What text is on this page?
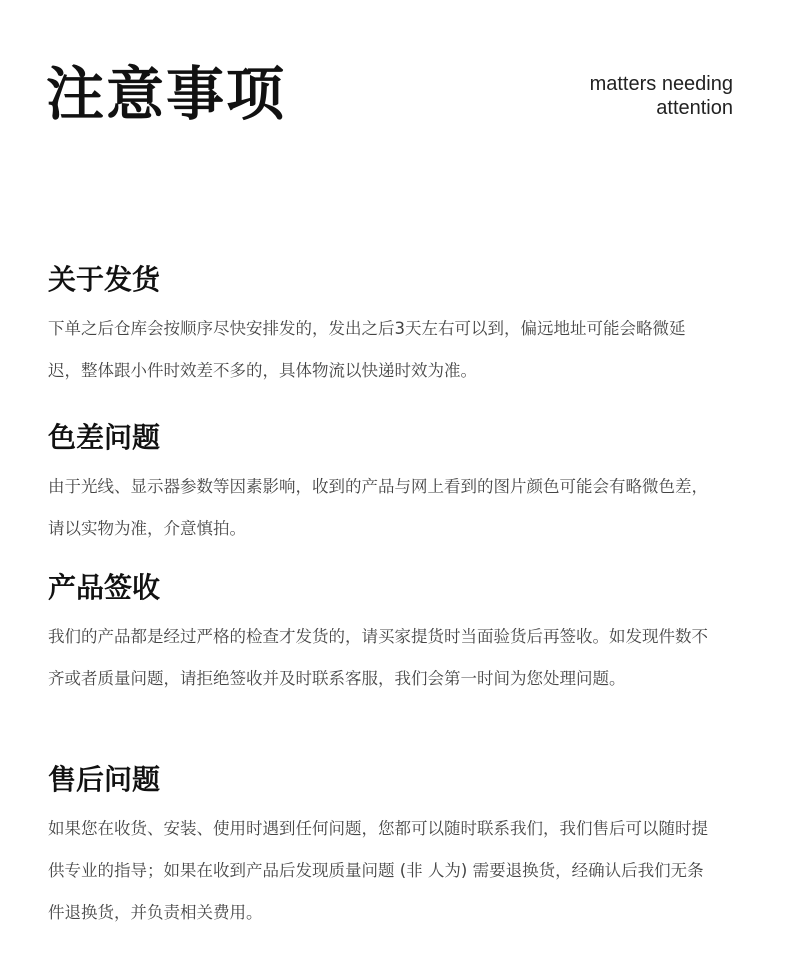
注意事项	matters needing
attention
关于发货

下单之后仓库会按顺序尽快安排发的，发出之后3天左右可以到，偏远地址可能会略微延迟，整体跟小件时效差不多的，具体物流以快递时效为准。

色差问题

由于光线、显示器参数等因素影响，收到的产品与网上看到的图片颜色可能会有略微色差，请以实物为准，介意慎拍。

产品签收

我们的产品都是经过严格的检查才发货的，请买家提货时当面验货后再签收。如发现件数不齐或者质量问题，请拒绝签收并及时联系客服，我们会第一时间为您处理问题。

售后问题

如果您在收货、安装、使用时遇到任何问题，您都可以随时联系我们，我们售后可以随时提供专业的指导；如果在收到产品后发现质量问题 (非 人为) 需要退换货，经确认后我们无条件退换货，并负责相关费用。
